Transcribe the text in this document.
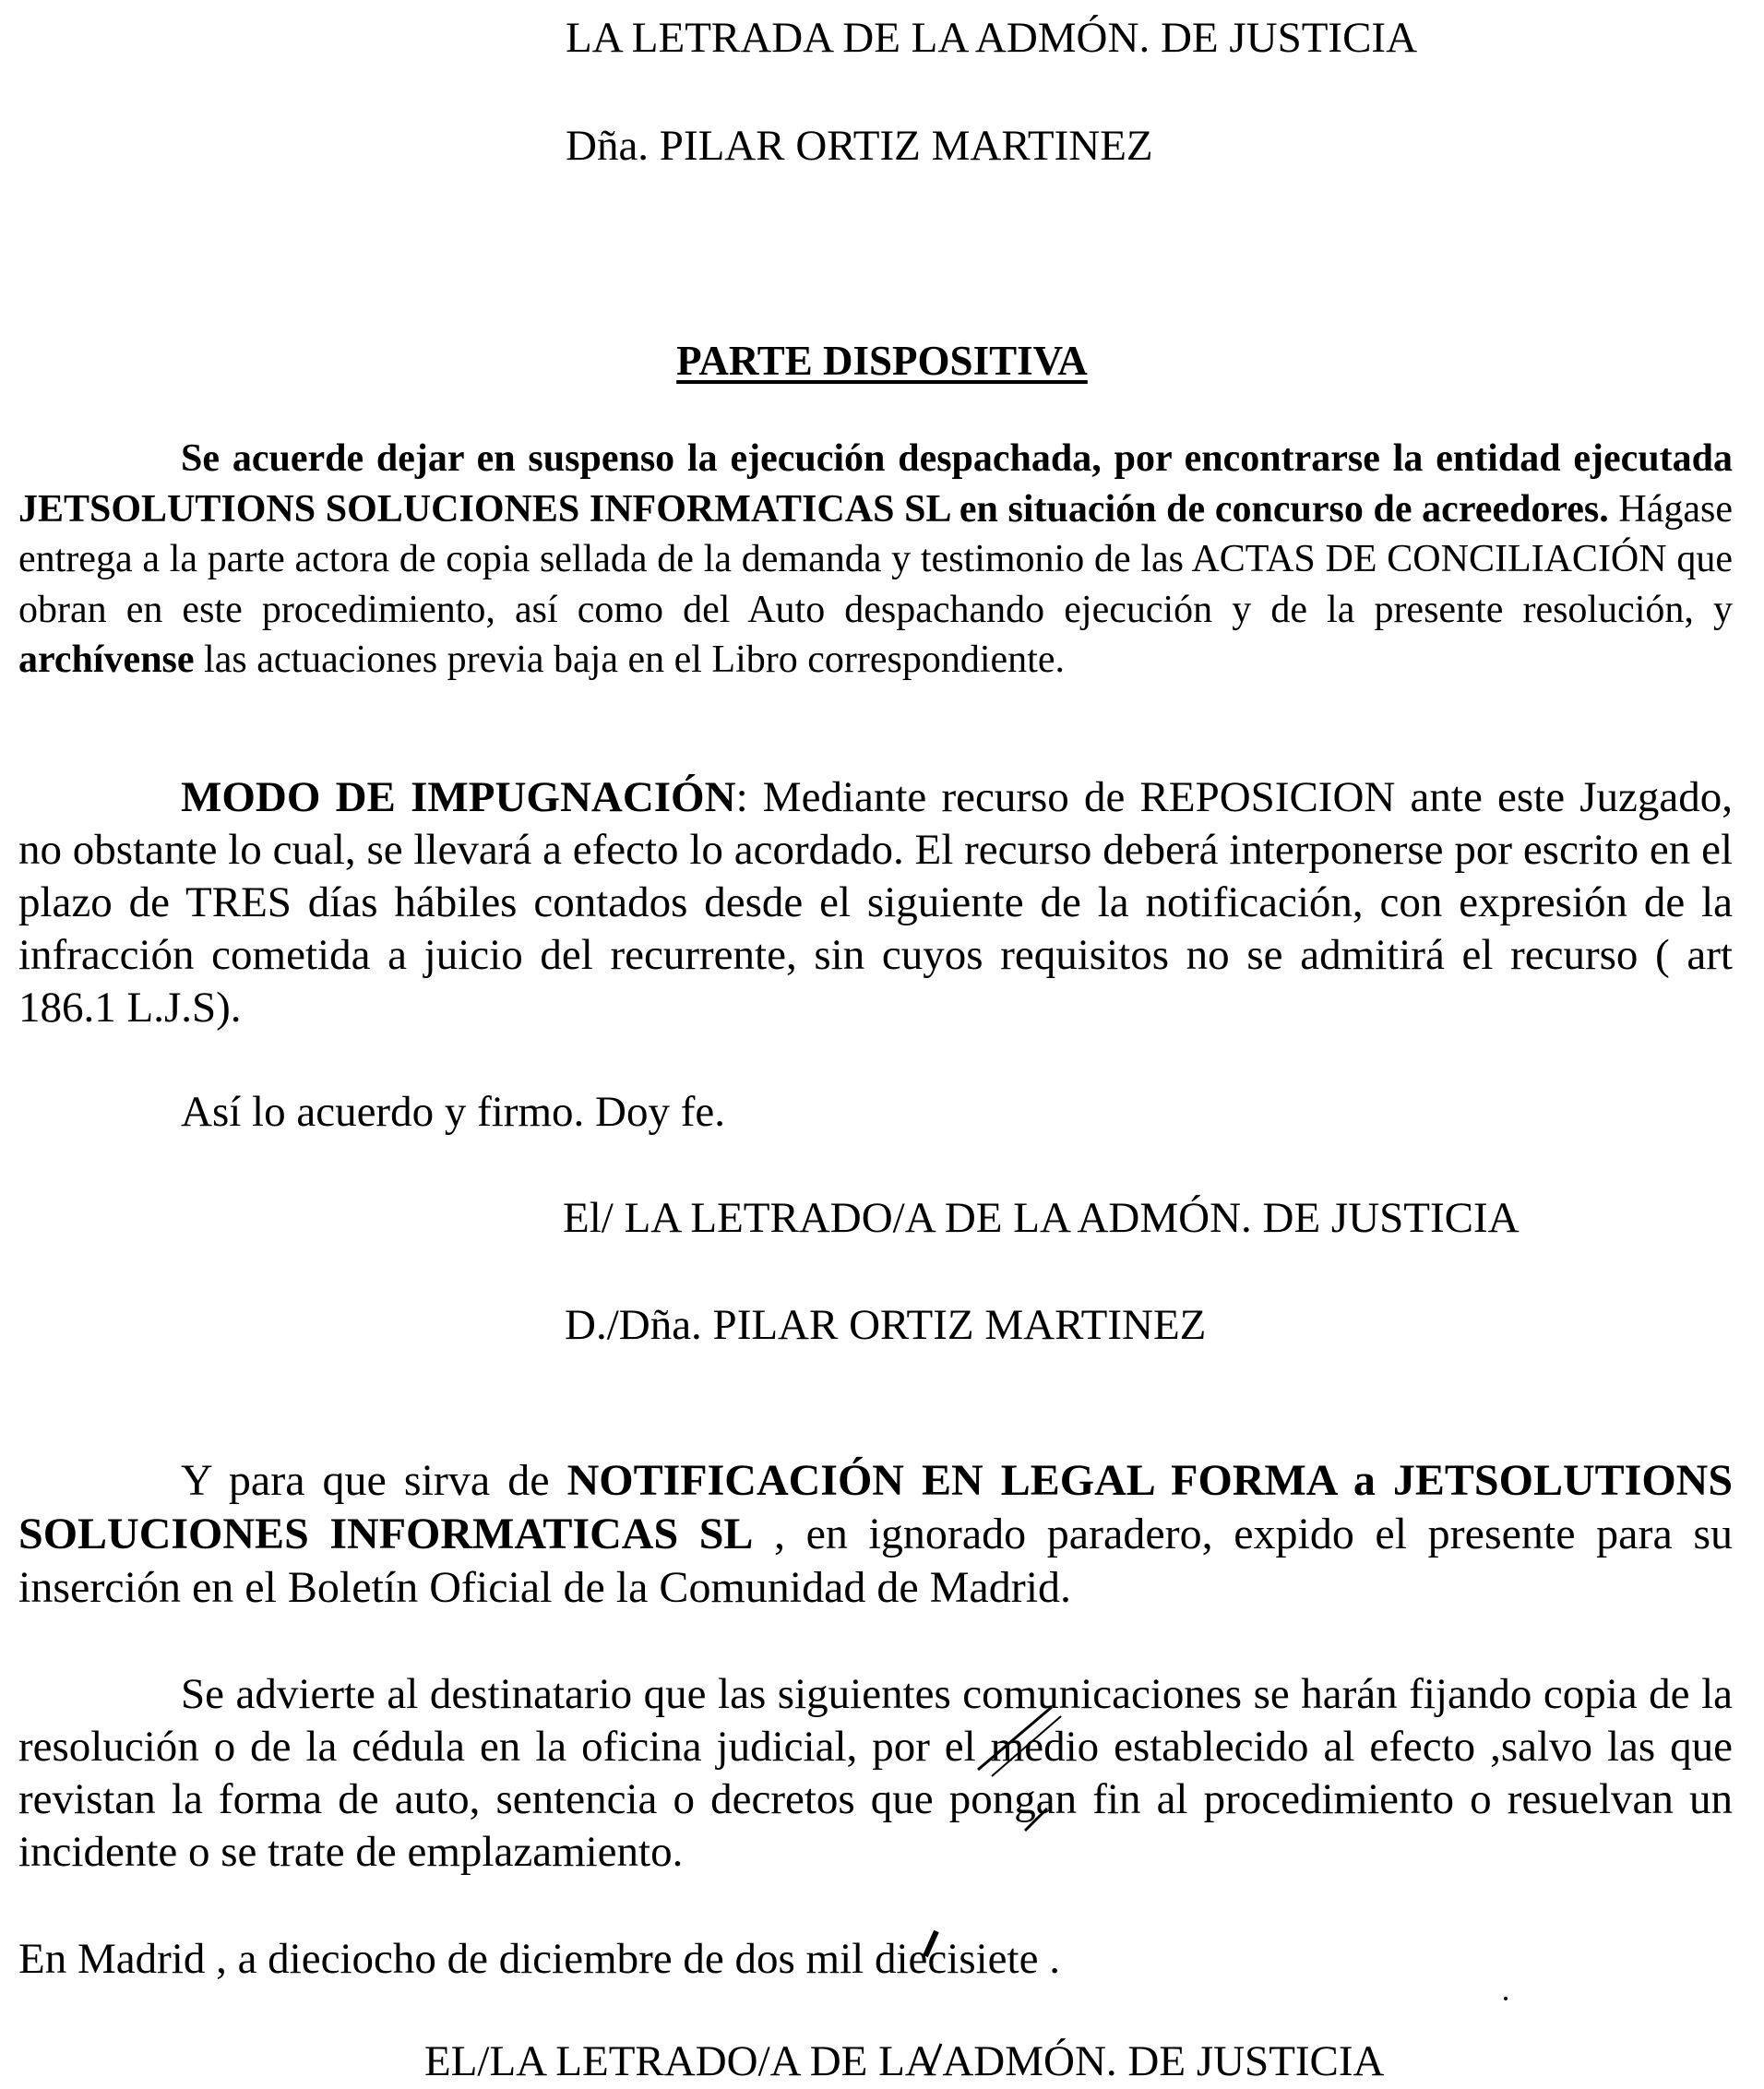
LA LETRADA DE LA ADMÓN. DE JUSTICIA
Dña. PILAR ORTIZ MARTINEZ
PARTE DISPOSITIVA
Se acuerde dejar en suspenso la ejecución despachada, por encontrarse la entidad ejecutada JETSOLUTIONS SOLUCIONES INFORMATICAS SL en situación de concurso de acreedores. Hágase entrega a la parte actora de copia sellada de la demanda y testimonio de las ACTAS DE CONCILIACIÓN que obran en este procedimiento, así como del Auto despachando ejecución y de la presente resolución, y archívense las actuaciones previa baja en el Libro correspondiente.
MODO DE IMPUGNACIÓN: Mediante recurso de REPOSICION ante este Juzgado, no obstante lo cual, se llevará a efecto lo acordado. El recurso deberá interponerse por escrito en el plazo de TRES días hábiles contados desde el siguiente de la notificación, con expresión de la infracción cometida a juicio del recurrente, sin cuyos requisitos no se admitirá el recurso ( art 186.1 L.J.S).
Así lo acuerdo y firmo. Doy fe.
El/ LA LETRADO/A DE LA ADMÓN. DE JUSTICIA
D./Dña. PILAR ORTIZ MARTINEZ
Y para que sirva de NOTIFICACIÓN EN LEGAL FORMA a JETSOLUTIONS SOLUCIONES INFORMATICAS SL , en ignorado paradero, expido el presente para su inserción en el Boletín Oficial de la Comunidad de Madrid.
Se advierte al destinatario que las siguientes comunicaciones se harán fijando copia de la resolución o de la cédula en la oficina judicial, por el medio establecido al efecto ,salvo las que revistan la forma de auto, sentencia o decretos que pongan fin al procedimiento o resuelvan un incidente o se trate de emplazamiento.
En Madrid , a dieciocho de diciembre de dos mil diecisiete .
EL/LA LETRADO/A DE LA ADMÓN. DE JUSTICIA
